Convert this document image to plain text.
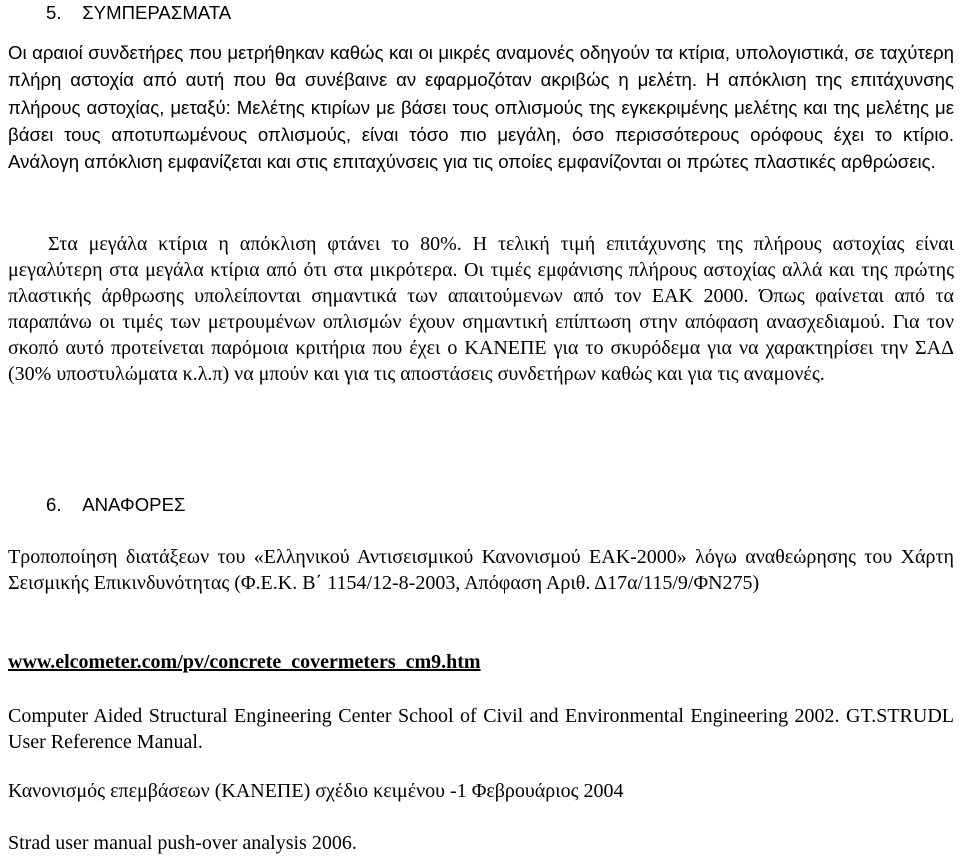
5. ΣΥΜΠΕΡΑΣΜΑΤΑ

Οι αραιοί συνδετήρες που μετρήθηκαν καθώς και οι μικρές αναμονές οδηγούν τα κτίρια, υπολογιστικά, σε ταχύτερη πλήρη αστοχία από αυτή που θα συνέβαινε αν εφαρμοζόταν ακριβώς η μελέτη. Η απόκλιση της επιτάχυνσης πλήρους αστοχίας, μεταξύ: Μελέτης κτιρίων με βάσει τους οπλισμούς της εγκεκριμένης μελέτης και της μελέτης με βάσει τους αποτυπωμένους οπλισμούς, είναι τόσο πιο μεγάλη, όσο περισσότερους ορόφους έχει το κτίριο. Ανάλογη απόκλιση εμφανίζεται και στις επιταχύνσεις για τις οποίες εμφανίζονται οι πρώτες πλαστικές αρθρώσεις.

Στα μεγάλα κτίρια η απόκλιση φτάνει το 80%. Η τελική τιμή επιτάχυνσης της πλήρους αστοχίας είναι μεγαλύτερη στα μεγάλα κτίρια από ότι στα μικρότερα. Οι τιμές εμφάνισης πλήρους αστοχίας αλλά και της πρώτης πλαστικής άρθρωσης υπολείπονται σημαντικά των απαιτούμενων από τον ΕΑΚ 2000. Όπως φαίνεται από τα παραπάνω οι τιμές των μετρουμένων οπλισμών έχουν σημαντική επίπτωση στην απόφαση ανασχεδιαμού. Για τον σκοπό αυτό προτείνεται παρόμοια κριτήρια που έχει ο ΚΑΝΕΠΕ για το σκυρόδεμα για να χαρακτηρίσει την ΣΑΔ (30% υποστυλώματα κ.λ.π) να μπούν και για τις αποστάσεις συνδετήρων καθώς και για τις αναμονές.

6. ΑΝΑΦΟΡΕΣ

Τροποποίηση διατάξεων του «Ελληνικού Αντισεισμικού Κανονισμού ΕΑΚ-2000» λόγω αναθεώρησης του Χάρτη Σεισμικής Επικινδυνότητας (Φ.Ε.Κ. Β΄ 1154/12-8-2003, Απόφαση Αριθ. Δ17α/115/9/ΦΝ275)

www.elcometer.com/pv/concrete_covermeters_cm9.htm

Computer Aided Structural Engineering Center School of Civil and Environmental Engineering 2002. GT.STRUDL User Reference Manual.

Κανονισμός επεμβάσεων (ΚΑΝΕΠΕ) σχέδιο κειμένου -1 Φεβρουάριος 2004

Strad user manual push-over analysis 2006.
